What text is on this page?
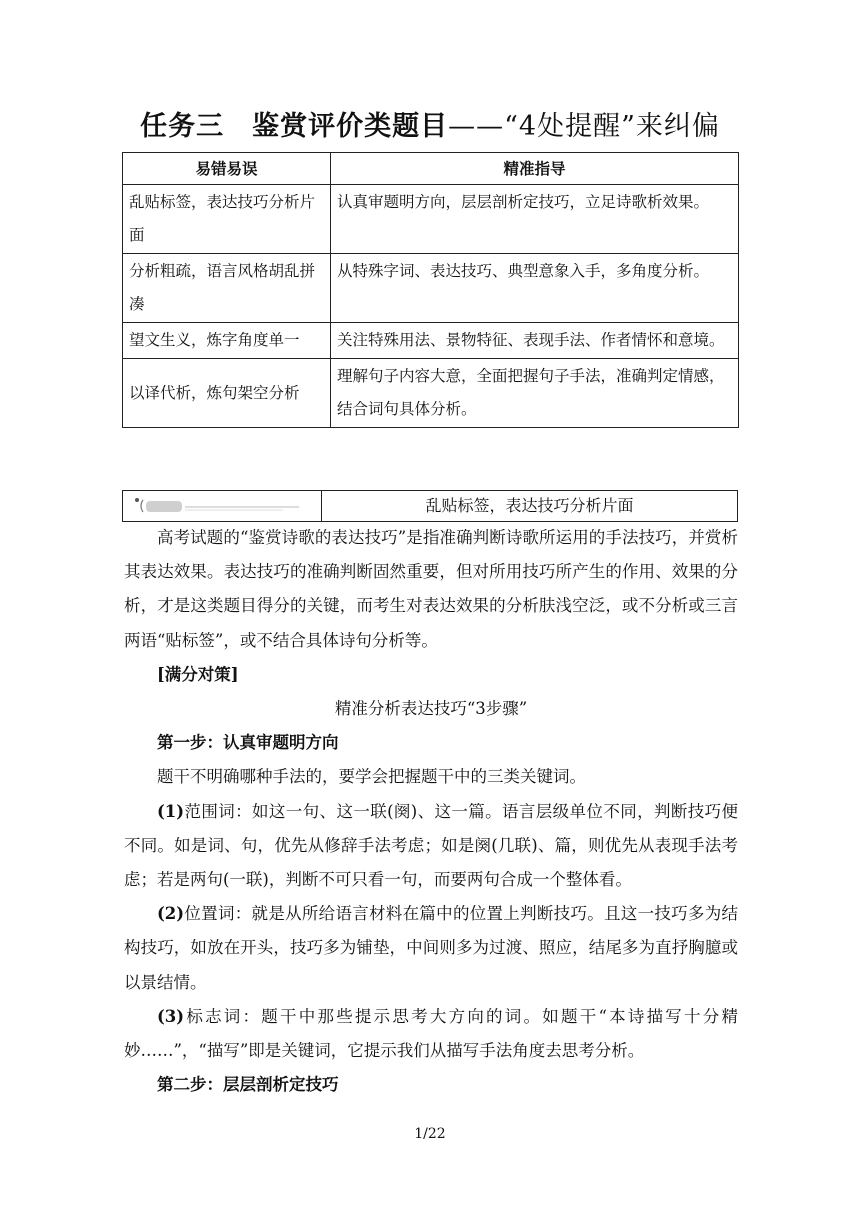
任务三　鉴赏评价类题目——“4处提醒”来纠偏
易错易误	精准指导
乱贴标签，表达技巧分析片面	认真审题明方向，层层剖析定技巧，立足诗歌析效果。
分析粗疏，语言风格胡乱拼凑	从特殊字词、表达技巧、典型意象入手，多角度分析。
望文生义，炼字角度单一	关注特殊用法、景物特征、表现手法、作者情怀和意境。
以译代析，炼句架空分析	理解句子内容大意，全面把握句子手法，准确判定情感，结合词句具体分析。
乱贴标签，表达技巧分析片面

高考试题的“鉴赏诗歌的表达技巧”是指准确判断诗歌所运用的手法技巧，并赏析其表达效果。表达技巧的准确判断固然重要，但对所用技巧所产生的作用、效果的分析，才是这类题目得分的关键，而考生对表达效果的分析肤浅空泛，或不分析或三言两语“贴标签”，或不结合具体诗句分析等。

[满分对策]

精准分析表达技巧“3步骤”

第一步：认真审题明方向

题干不明确哪种手法的，要学会把握题干中的三类关键词。

(1)范围词：如这一句、这一联(阕)、这一篇。语言层级单位不同，判断技巧便不同。如是词、句，优先从修辞手法考虑；如是阕(几联)、篇，则优先从表现手法考虑；若是两句(一联)，判断不可只看一句，而要两句合成一个整体看。

(2)位置词：就是从所给语言材料在篇中的位置上判断技巧。且这一技巧多为结构技巧，如放在开头，技巧多为铺垫，中间则多为过渡、照应，结尾多为直抒胸臆或以景结情。

(3)标志词：题干中那些提示思考大方向的词。如题干“本诗描写十分精妙……”，“描写”即是关键词，它提示我们从描写手法角度去思考分析。

第二步：层层剖析定技巧

1/22
